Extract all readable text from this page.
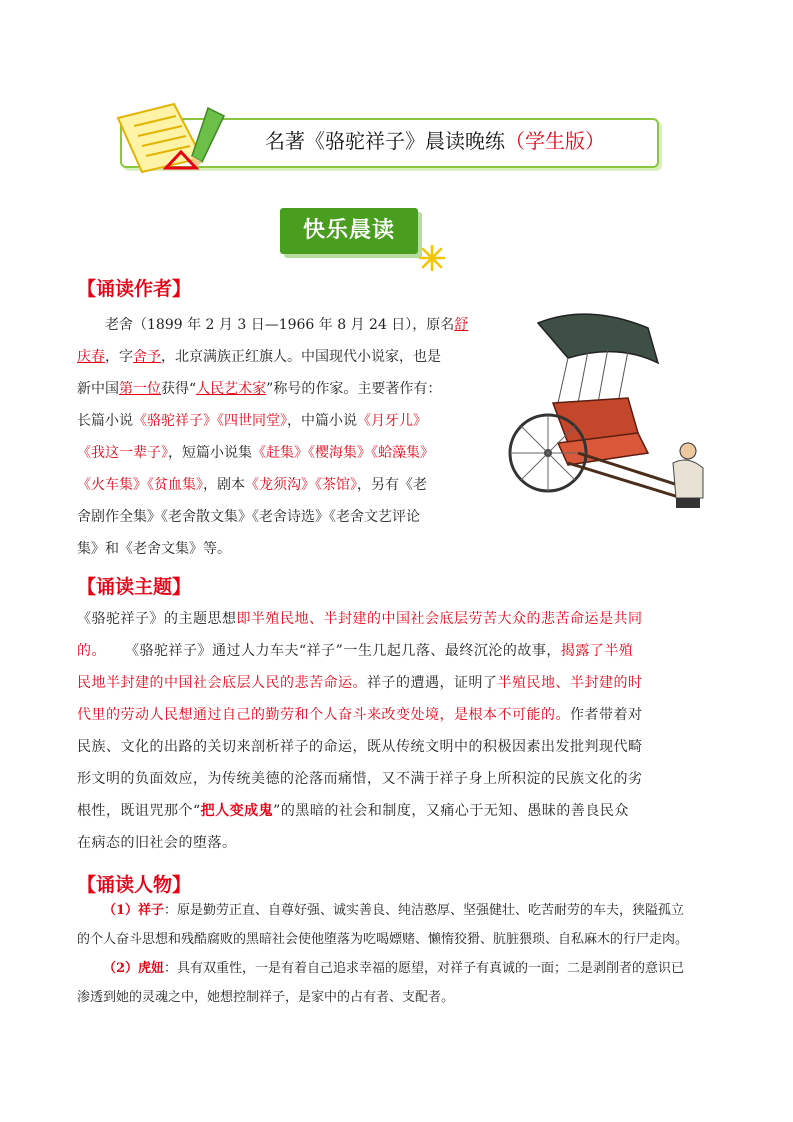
名著《骆驼祥子》晨读晚练（学生版）
快乐晨读
【诵读作者】
老舍（1899 年 2 月 3 日—1966 年 8 月 24 日），原名舒
庆春，字舍予，北京满族正红旗人。中国现代小说家，也是
新中国第一位获得“人民艺术家”称号的作家。主要著作有：
长篇小说《骆驼祥子》《四世同堂》，中篇小说《月牙儿》
《我这一辈子》，短篇小说集《赶集》《樱海集》《蛤藻集》
《火车集》《贫血集》，剧本《龙须沟》《茶馆》，另有《老
舍剧作全集》《老舍散文集》《老舍诗选》《老舍文艺评论
集》和《老舍文集》等。
【诵读主题】
《骆驼祥子》的主题思想即半殖民地、半封建的中国社会底层劳苦大众的悲苦命运是共同
的。 《骆驼祥子》通过人力车夫“祥子”一生几起几落、最终沉沦的故事，揭露了半殖
民地半封建的中国社会底层人民的悲苦命运。祥子的遭遇，证明了半殖民地、半封建的时
代里的劳动人民想通过自己的勤劳和个人奋斗来改变处境，是根本不可能的。作者带着对
民族、文化的出路的关切来剖析祥子的命运，既从传统文明中的积极因素出发批判现代畸
形文明的负面效应，为传统美德的沦落而痛惜，又不满于祥子身上所积淀的民族文化的劣
根性，既诅咒那个“把人变成鬼”的黑暗的社会和制度，又痛心于无知、愚昧的善良民众
在病态的旧社会的堕落。
【诵读人物】
（1）祥子：原是勤劳正直、自尊好强、诚实善良、纯洁憨厚、坚强健壮、吃苦耐劳的车夫，狭隘孤立
的个人奋斗思想和残酷腐败的黑暗社会使他堕落为吃喝嫖赌、懒惰狡猾、肮脏猥琐、自私麻木的行尸走肉。
（2）虎妞：具有双重性，一是有着自己追求幸福的愿望，对祥子有真诚的一面；二是剥削者的意识已
渗透到她的灵魂之中，她想控制祥子，是家中的占有者、支配者。
